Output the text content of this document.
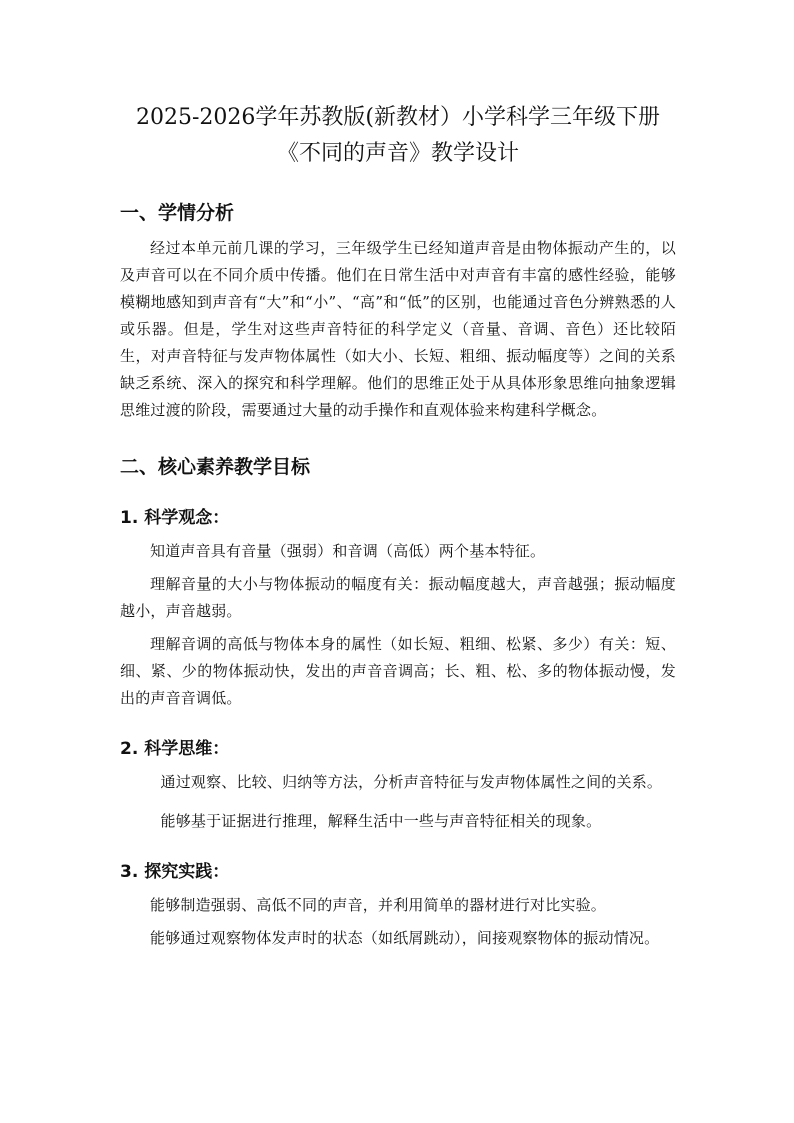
2025-2026学年苏教版(新教材）小学科学三年级下册
《不同的声音》教学设计
一、学情分析

经过本单元前几课的学习，三年级学生已经知道声音是由物体振动产生的，以及声音可以在不同介质中传播。他们在日常生活中对声音有丰富的感性经验，能够模糊地感知到声音有“大”和“小”、“高”和“低”的区别，也能通过音色分辨熟悉的人或乐器。但是，学生对这些声音特征的科学定义（音量、音调、音色）还比较陌生，对声音特征与发声物体属性（如大小、长短、粗细、振动幅度等）之间的关系缺乏系统、深入的探究和科学理解。他们的思维正处于从具体形象思维向抽象逻辑思维过渡的阶段，需要通过大量的动手操作和直观体验来构建科学概念。

二、核心素养教学目标
1. 科学观念：

知道声音具有音量（强弱）和音调（高低）两个基本特征。

理解音量的大小与物体振动的幅度有关：振动幅度越大，声音越强；振动幅度越小，声音越弱。

理解音调的高低与物体本身的属性（如长短、粗细、松紧、多少）有关：短、细、紧、少的物体振动快，发出的声音音调高；长、粗、松、多的物体振动慢，发出的声音音调低。

2. 科学思维：

通过观察、比较、归纳等方法，分析声音特征与发声物体属性之间的关系。

能够基于证据进行推理，解释生活中一些与声音特征相关的现象。

3. 探究实践：

能够制造强弱、高低不同的声音，并利用简单的器材进行对比实验。

能够通过观察物体发声时的状态（如纸屑跳动），间接观察物体的振动情况。
